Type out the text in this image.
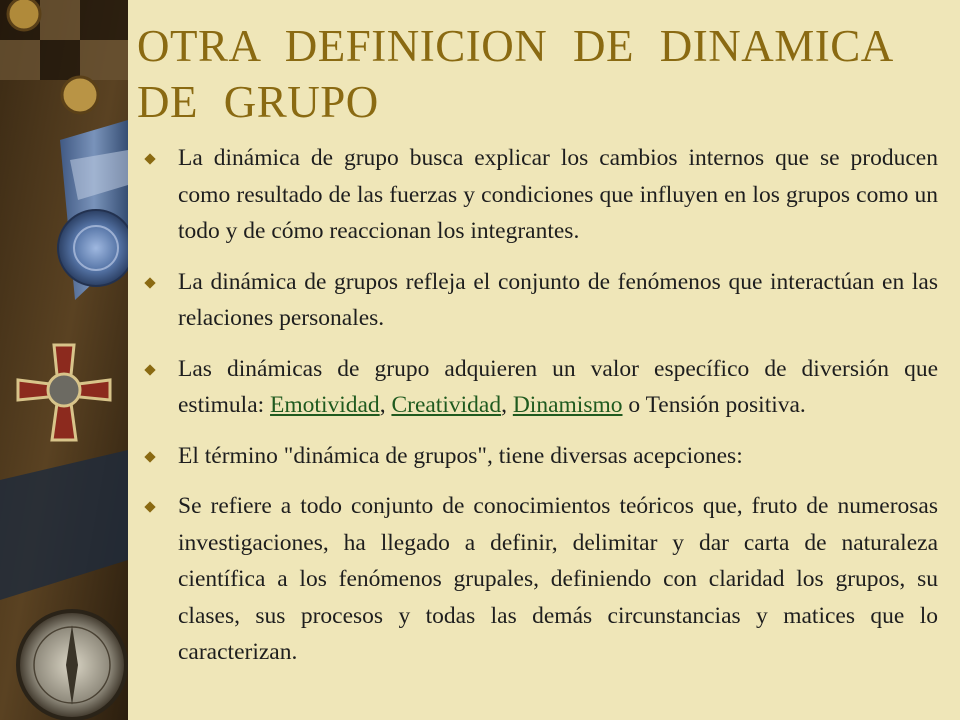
OTRA DEFINICION DE DINAMICA DE GRUPO
La dinámica de grupo busca explicar los cambios internos que se producen como resultado de las fuerzas y condiciones que influyen en los grupos como un todo y de cómo reaccionan los integrantes.
La dinámica de grupos refleja el conjunto de fenómenos que interactúan en las relaciones personales.
Las dinámicas de grupo adquieren un valor específico de diversión que estimula: Emotividad, Creatividad, Dinamismo o Tensión positiva.
El término "dinámica de grupos", tiene diversas acepciones:
Se refiere a todo conjunto de conocimientos teóricos que, fruto de numerosas investigaciones, ha llegado a definir, delimitar y dar carta de naturaleza científica a los fenómenos grupales, definiendo con claridad los grupos, su clases, sus procesos y todas las demás circunstancias y matices que lo caracterizan.
